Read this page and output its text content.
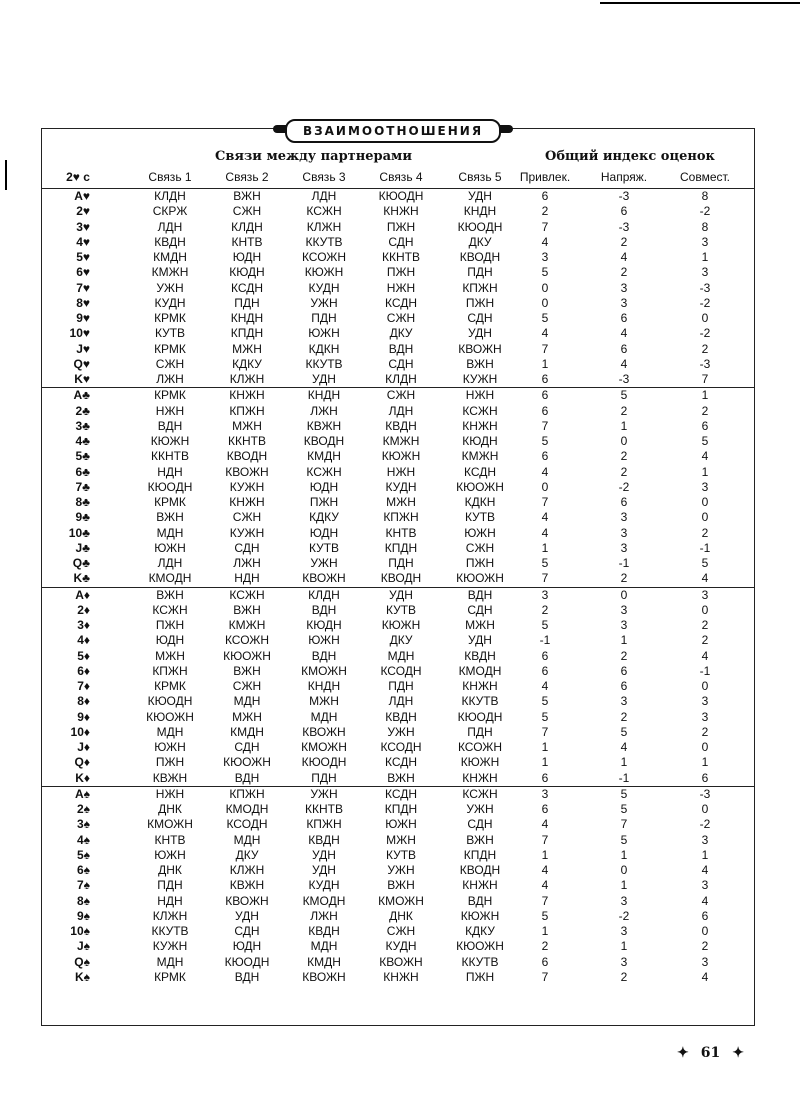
ВЗАИМООТНОШЕНИЯ
Связи между партнерами	Общий индекс оценок
2♥ с	Связь 1	Связь 2	Связь 3	Связь 4	Связь 5	Привлек.	Напряж.	Совмест.
A♥	КЛДН	ВЖН	ЛДН	КЮОДН	УДН	6	-3	8
2♥	СКРЖ	СЖН	КСЖН	КНЖН	КНДН	2	6	-2
3♥	ЛДН	КЛДН	КЛЖН	ПЖН	КЮОДН	7	-3	8
4♥	КВДН	КНТВ	ККУТВ	СДН	ДКУ	4	2	3
5♥	КМДН	ЮДН	КСОЖН	ККНТВ	КВОДН	3	4	1
6♥	КМЖН	КЮДН	КЮЖН	ПЖН	ПДН	5	2	3
7♥	УЖН	КСДН	КУДН	НЖН	КПЖН	0	3	-3
8♥	КУДН	ПДН	УЖН	КСДН	ПЖН	0	3	-2
9♥	КРМК	КНДН	ПДН	СЖН	СДН	5	6	0
10♥	КУТВ	КПДН	ЮЖН	ДКУ	УДН	4	4	-2
J♥	КРМК	МЖН	КДКН	ВДН	КВОЖН	7	6	2
Q♥	СЖН	КДКУ	ККУТВ	СДН	ВЖН	1	4	-3
K♥	ЛЖН	КЛЖН	УДН	КЛДН	КУЖН	6	-3	7
A♣	КРМК	КНЖН	КНДН	СЖН	НЖН	6	5	1
2♣	НЖН	КПЖН	ЛЖН	ЛДН	КСЖН	6	2	2
3♣	ВДН	МЖН	КВЖН	КВДН	КНЖН	7	1	6
4♣	КЮЖН	ККНТВ	КВОДН	КМЖН	КЮДН	5	0	5
5♣	ККНТВ	КВОДН	КМДН	КЮЖН	КМЖН	6	2	4
6♣	НДН	КВОЖН	КСЖН	НЖН	КСДН	4	2	1
7♣	КЮОДН	КУЖН	ЮДН	КУДН	КЮОЖН	0	-2	3
8♣	КРМК	КНЖН	ПЖН	МЖН	КДКН	7	6	0
9♣	ВЖН	СЖН	КДКУ	КПЖН	КУТВ	4	3	0
10♣	МДН	КУЖН	ЮДН	КНТВ	ЮЖН	4	3	2
J♣	ЮЖН	СДН	КУТВ	КПДН	СЖН	1	3	-1
Q♣	ЛДН	ЛЖН	УЖН	ПДН	ПЖН	5	-1	5
K♣	КМОДН	НДН	КВОЖН	КВОДН	КЮОЖН	7	2	4
A♦	ВЖН	КСЖН	КЛДН	УДН	ВДН	3	0	3
2♦	КСЖН	ВЖН	ВДН	КУТВ	СДН	2	3	0
3♦	ПЖН	КМЖН	КЮДН	КЮЖН	МЖН	5	3	2
4♦	ЮДН	КСОЖН	ЮЖН	ДКУ	УДН	-1	1	2
5♦	МЖН	КЮОЖН	ВДН	МДН	КВДН	6	2	4
6♦	КПЖН	ВЖН	КМОЖН	КСОДН	КМОДН	6	6	-1
7♦	КРМК	СЖН	КНДН	ПДН	КНЖН	4	6	0
8♦	КЮОДН	МДН	МЖН	ЛДН	ККУТВ	5	3	3
9♦	КЮОЖН	МЖН	МДН	КВДН	КЮОДН	5	2	3
10♦	МДН	КМДН	КВОЖН	УЖН	ПДН	7	5	2
J♦	ЮЖН	СДН	КМОЖН	КСОДН	КСОЖН	1	4	0
Q♦	ПЖН	КЮОЖН	КЮОДН	КСДН	КЮЖН	1	1	1
K♦	КВЖН	ВДН	ПДН	ВЖН	КНЖН	6	-1	6
A♠	НЖН	КПЖН	УЖН	КСДН	КСЖН	3	5	-3
2♠	ДНК	КМОДН	ККНТВ	КПДН	УЖН	6	5	0
3♠	КМОЖН	КСОДН	КПЖН	ЮЖН	СДН	4	7	-2
4♠	КНТВ	МДН	КВДН	МЖН	ВЖН	7	5	3
5♠	ЮЖН	ДКУ	УДН	КУТВ	КПДН	1	1	1
6♠	ДНК	КЛЖН	УДН	УЖН	КВОДН	4	0	4
7♠	ПДН	КВЖН	КУДН	ВЖН	КНЖН	4	1	3
8♠	НДН	КВОЖН	КМОДН	КМОЖН	ВДН	7	3	4
9♠	КЛЖН	УДН	ЛЖН	ДНК	КЮЖН	5	-2	6
10♠	ККУТВ	СДН	КВДН	СЖН	КДКУ	1	3	0
J♠	КУЖН	ЮДН	МДН	КУДН	КЮОЖН	2	1	2
Q♠	МДН	КЮОДН	КМДН	КВОЖН	ККУТВ	6	3	3
K♠	КРМК	ВДН	КВОЖН	КНЖН	ПЖН	7	2	4
✦ 61 ✦
